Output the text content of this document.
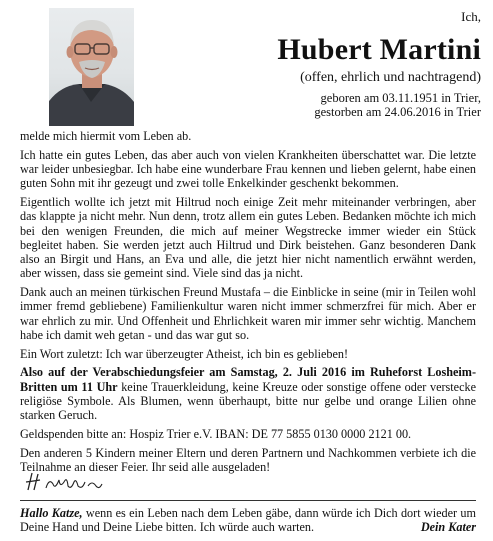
Ich,
Hubert Martini
(offen, ehrlich und nachtragend)
geboren am 03.11.1951 in Trier,
gestorben am 24.06.2016 in Trier

melde mich hiermit vom Leben ab.

Ich hatte ein gutes Leben, das aber auch von vielen Krankheiten überschattet war. Die letzte war leider unbesiegbar. Ich habe eine wunderbare Frau kennen und lieben gelernt, habe einen guten Sohn mit ihr gezeugt und zwei tolle Enkelkinder geschenkt bekommen.

Eigentlich wollte ich jetzt mit Hiltrud noch einige Zeit mehr miteinander verbringen, aber das klappte ja nicht mehr. Nun denn, trotz allem ein gutes Leben. Bedanken möchte ich mich bei den wenigen Freunden, die mich auf meiner Wegstrecke immer wieder ein Stück begleitet haben. Sie werden jetzt auch Hiltrud und Dirk beistehen. Ganz besonderen Dank also an Birgit und Hans, an Eva und alle, die jetzt hier nicht namentlich erwähnt werden, aber wissen, dass sie gemeint sind. Viele sind das ja nicht.

Dank auch an meinen türkischen Freund Mustafa – die Einblicke in seine (mir in Teilen wohl immer fremd gebliebene) Familienkultur waren nicht immer schmerzfrei für mich. Aber er war ehrlich zu mir. Und Offenheit und Ehrlichkeit waren mir immer sehr wichtig. Manchem habe ich damit weh getan - und das war gut so.

Ein Wort zuletzt: Ich war überzeugter Atheist, ich bin es geblieben!

Also auf der Verabschiedungsfeier am Samstag, 2. Juli 2016 im Ruheforst Losheim-Britten um 11 Uhr keine Trauerkleidung, keine Kreuze oder sonstige offene oder verstecke religiöse Symbole. Als Blumen, wenn überhaupt, bitte nur gelbe und orange Lilien ohne starken Geruch.

Geldspenden bitte an: Hospiz Trier e.V. IBAN: DE 77 5855 0130 0000 2121 00.

Den anderen 5 Kindern meiner Eltern und deren Partnern und Nachkommen verbiete ich die Teilnahme an dieser Feier. Ihr seid alle ausgeladen!

Hallo Katze, wenn es ein Leben nach dem Leben gäbe, dann würde ich Dich dort wieder um Deine Hand und Deine Liebe bitten. Ich würde auch warten.	Dein Kater
